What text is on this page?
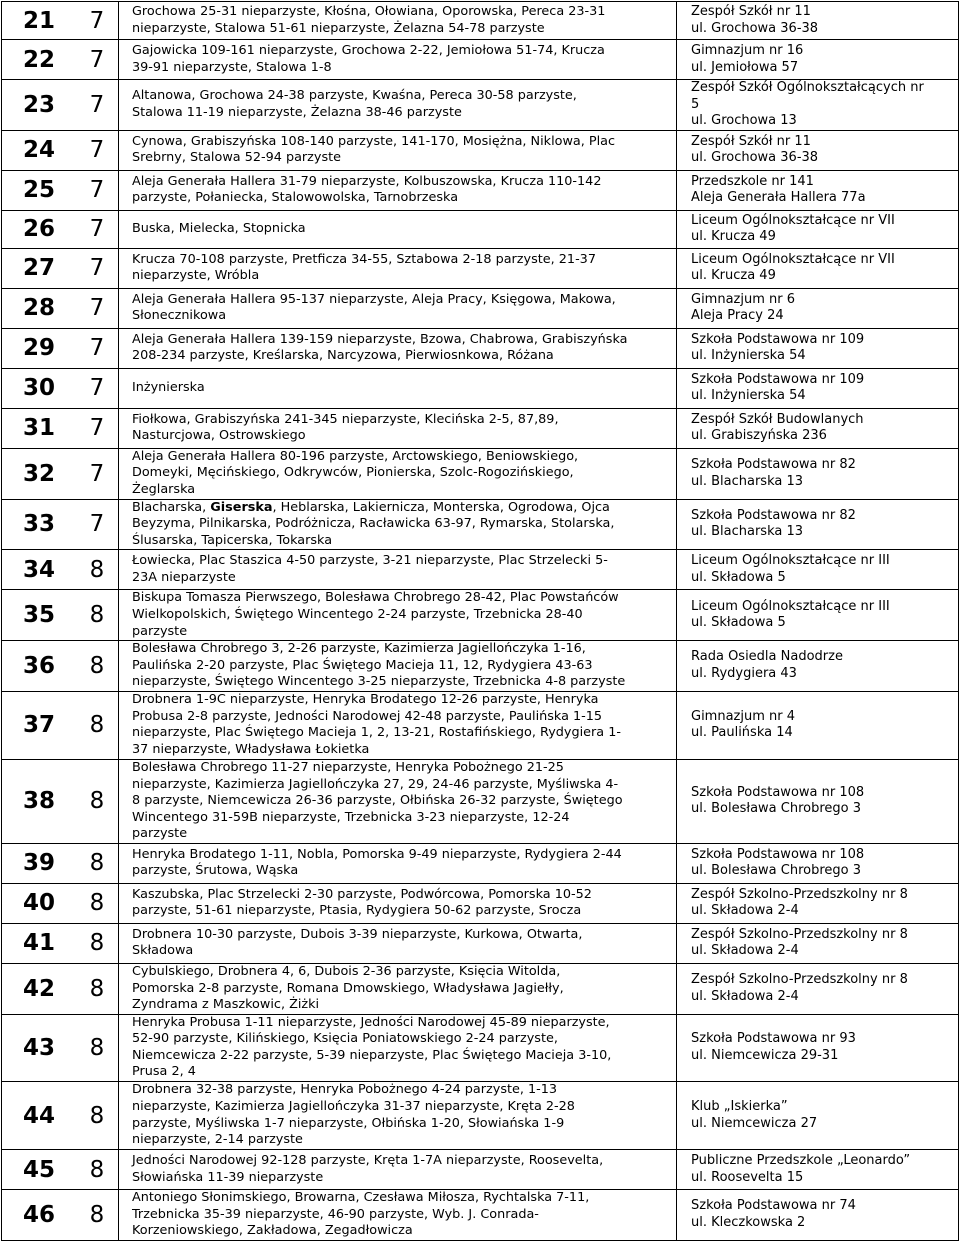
21	7	Grochowa 25-31 nieparzyste, Kłośna, Ołowiana, Oporowska, Pereca 23-31
nieparzyste, Stalowa 51-61 nieparzyste, Żelazna 54-78 parzyste	Zespół Szkół nr 11
ul. Grochowa 36-38

22	7	Gajowicka 109-161 nieparzyste, Grochowa 2-22, Jemiołowa 51-74, Krucza
39-91 nieparzyste, Stalowa 1-8	Gimnazjum nr 16
ul. Jemiołowa 57

23	7	Altanowa, Grochowa 24-38 parzyste, Kwaśna, Pereca 30-58 parzyste,
Stalowa 11-19 nieparzyste, Żelazna 38-46 parzyste	Zespół Szkół Ogólnokształcących nr
5
ul. Grochowa 13

24	7	Cynowa, Grabiszyńska 108-140 parzyste, 141-170, Mosiężna, Niklowa, Plac
Srebrny, Stalowa 52-94 parzyste	Zespół Szkół nr 11
ul. Grochowa 36-38

25	7	Aleja Generała Hallera 31-79 nieparzyste, Kolbuszowska, Krucza 110-142
parzyste, Połaniecka, Stalowowolska, Tarnobrzeska	Przedszkole nr 141
Aleja Generała Hallera 77a

26	7	Buska, Mielecka, Stopnicka	Liceum Ogólnokształcące nr VII
ul. Krucza 49

27	7	Krucza 70-108 parzyste, Pretficza 34-55, Sztabowa 2-18 parzyste, 21-37
nieparzyste, Wróbla	Liceum Ogólnokształcące nr VII
ul. Krucza 49

28	7	Aleja Generała Hallera 95-137 nieparzyste, Aleja Pracy, Księgowa, Makowa,
Słonecznikowa	Gimnazjum nr 6
Aleja Pracy 24

29	7	Aleja Generała Hallera 139-159 nieparzyste, Bzowa, Chabrowa, Grabiszyńska
208-234 parzyste, Kreślarska, Narcyzowa, Pierwiosnkowa, Różana	Szkoła Podstawowa nr 109
ul. Inżynierska 54

30	7	Inżynierska	Szkoła Podstawowa nr 109
ul. Inżynierska 54

31	7	Fiołkowa, Grabiszyńska 241-345 nieparzyste, Klecińska 2-5, 87,89,
Nasturcjowa, Ostrowskiego	Zespół Szkół Budowlanych
ul. Grabiszyńska 236

32	7	Aleja Generała Hallera 80-196 parzyste, Arctowskiego, Beniowskiego,
Domeyki, Męcińskiego, Odkrywców, Pionierska, Szolc-Rogozińskiego,
Żeglarska	Szkoła Podstawowa nr 82
ul. Blacharska 13

33	7	Blacharska, Giserska, Heblarska, Lakiernicza, Monterska, Ogrodowa, Ojca
Beyzyma, Pilnikarska, Podróżnicza, Racławicka 63-97, Rymarska, Stolarska,
Ślusarska, Tapicerska, Tokarska	Szkoła Podstawowa nr 82
ul. Blacharska 13

34	8	Łowiecka, Plac Staszica 4-50 parzyste, 3-21 nieparzyste, Plac Strzelecki 5-
23A nieparzyste	Liceum Ogólnokształcące nr III
ul. Składowa 5

35	8	Biskupa Tomasza Pierwszego, Bolesława Chrobrego 28-42, Plac Powstańców
Wielkopolskich, Świętego Wincentego 2-24 parzyste, Trzebnicka 28-40
parzyste	Liceum Ogólnokształcące nr III
ul. Składowa 5

36	8	Bolesława Chrobrego 3, 2-26 parzyste, Kazimierza Jagiellończyka 1-16,
Paulińska 2-20 parzyste, Plac Świętego Macieja 11, 12, Rydygiera 43-63
nieparzyste, Świętego Wincentego 3-25 nieparzyste, Trzebnicka 4-8 parzyste	Rada Osiedla Nadodrze
ul. Rydygiera 43

37	8	Drobnera 1-9C nieparzyste, Henryka Brodatego 12-26 parzyste, Henryka
Probusa 2-8 parzyste, Jedności Narodowej 42-48 parzyste, Paulińska 1-15
nieparzyste, Plac Świętego Macieja 1, 2, 13-21, Rostafińskiego, Rydygiera 1-
37 nieparzyste, Władysława Łokietka	Gimnazjum nr 4
ul. Paulińska 14

38	8	Bolesława Chrobrego 11-27 nieparzyste, Henryka Pobożnego 21-25
nieparzyste, Kazimierza Jagiellończyka 27, 29, 24-46 parzyste, Myśliwska 4-
8 parzyste, Niemcewicza 26-36 parzyste, Ołbińska 26-32 parzyste, Świętego
Wincentego 31-59B nieparzyste, Trzebnicka 3-23 nieparzyste, 12-24
parzyste	Szkoła Podstawowa nr 108
ul. Bolesława Chrobrego 3

39	8	Henryka Brodatego 1-11, Nobla, Pomorska 9-49 nieparzyste, Rydygiera 2-44
parzyste, Śrutowa, Wąska	Szkoła Podstawowa nr 108
ul. Bolesława Chrobrego 3

40	8	Kaszubska, Plac Strzelecki 2-30 parzyste, Podwórcowa, Pomorska 10-52
parzyste, 51-61 nieparzyste, Ptasia, Rydygiera 50-62 parzyste, Srocza	Zespół Szkolno-Przedszkolny nr 8
ul. Składowa 2-4

41	8	Drobnera 10-30 parzyste, Dubois 3-39 nieparzyste, Kurkowa, Otwarta,
Składowa	Zespół Szkolno-Przedszkolny nr 8
ul. Składowa 2-4

42	8	Cybulskiego, Drobnera 4, 6, Dubois 2-36 parzyste, Księcia Witolda,
Pomorska 2-8 parzyste, Romana Dmowskiego, Władysława Jagiełły,
Zyndrama z Maszkowic, Żiżki	Zespół Szkolno-Przedszkolny nr 8
ul. Składowa 2-4

43	8	Henryka Probusa 1-11 nieparzyste, Jedności Narodowej 45-89 nieparzyste,
52-90 parzyste, Kilińskiego, Księcia Poniatowskiego 2-24 parzyste,
Niemcewicza 2-22 parzyste, 5-39 nieparzyste, Plac Świętego Macieja 3-10,
Prusa 2, 4	Szkoła Podstawowa nr 93
ul. Niemcewicza 29-31

44	8	Drobnera 32-38 parzyste, Henryka Pobożnego 4-24 parzyste, 1-13
nieparzyste, Kazimierza Jagiellończyka 31-37 nieparzyste, Kręta 2-28
parzyste, Myśliwska 1-7 nieparzyste, Ołbińska 1-20, Słowiańska 1-9
nieparzyste, 2-14 parzyste	Klub „Iskierka”
ul. Niemcewicza 27

45	8	Jedności Narodowej 92-128 parzyste, Kręta 1-7A nieparzyste, Roosevelta,
Słowiańska 11-39 nieparzyste	Publiczne Przedszkole „Leonardo”
ul. Roosevelta 15

46	8	Antoniego Słonimskiego, Browarna, Czesława Miłosza, Rychtalska 7-11,
Trzebnicka 35-39 nieparzyste, 46-90 parzyste, Wyb. J. Conrada-
Korzeniowskiego, Zakładowa, Zegadłowicza	Szkoła Podstawowa nr 74
ul. Kleczkowska 2
